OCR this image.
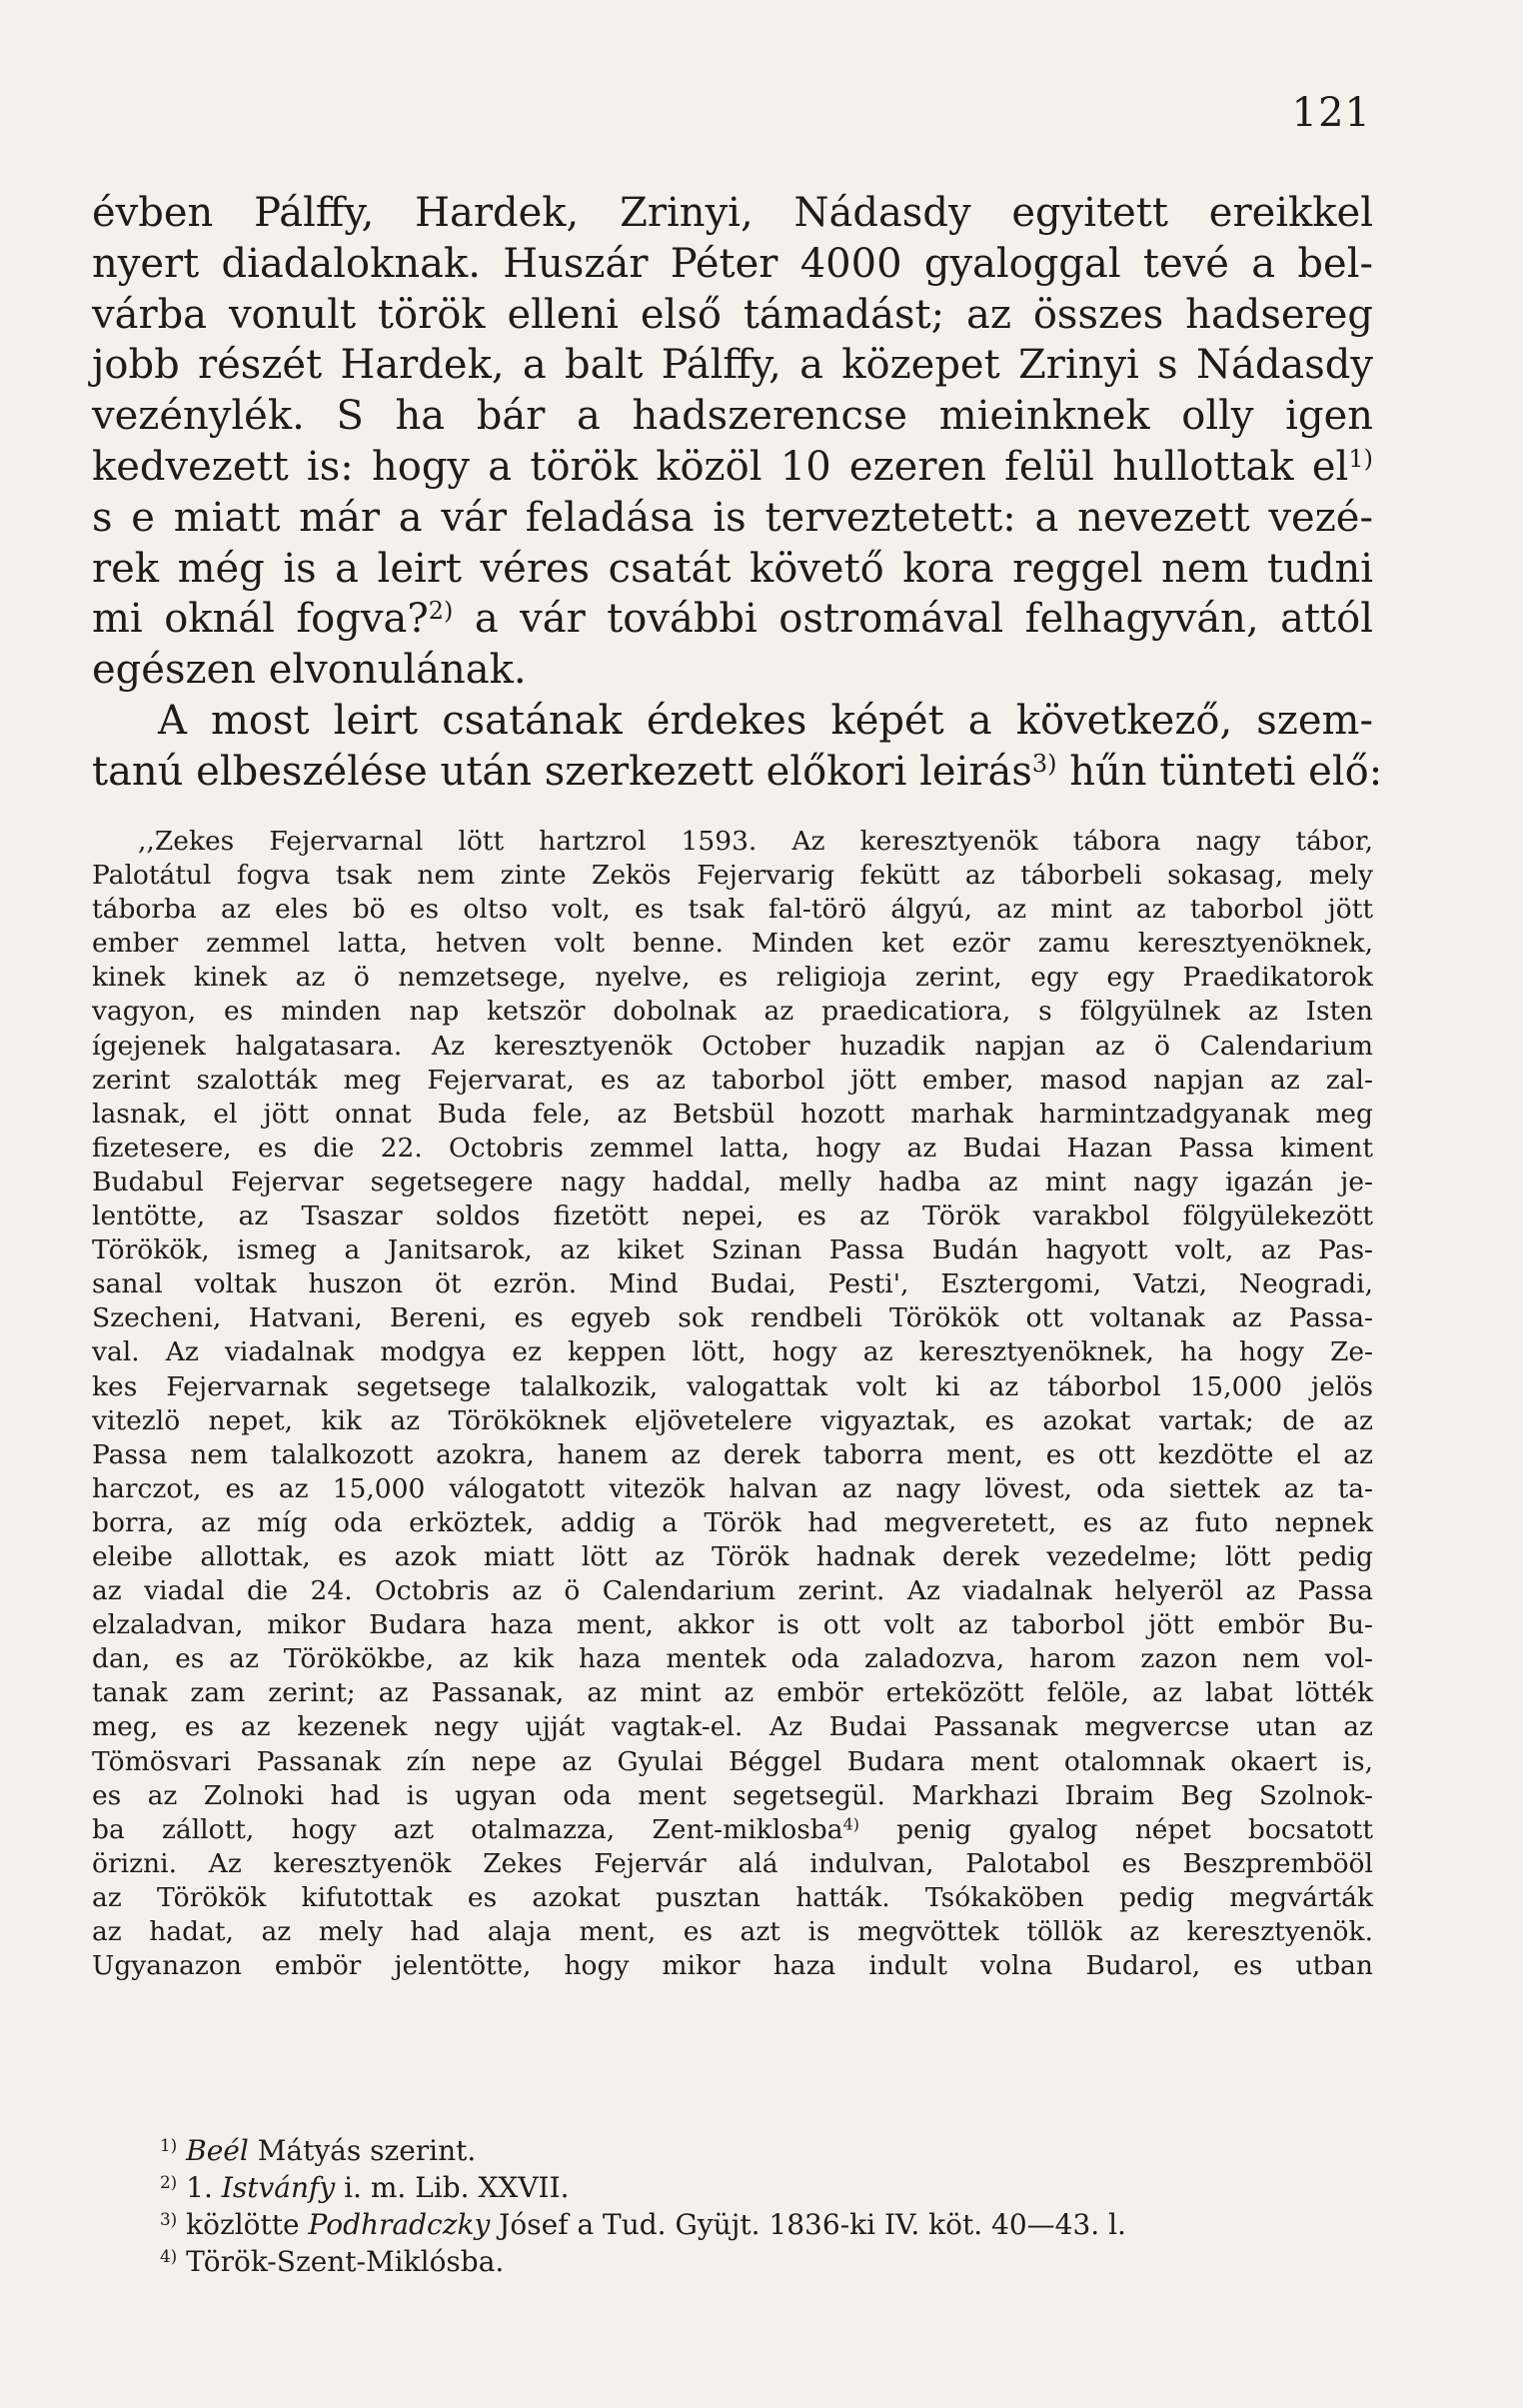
121
évben Pálffy, Hardek, Zrinyi, Nádasdy egyitett ereikkel
nyert diadaloknak. Huszár Péter 4000 gyaloggal tevé a bel-
várba vonult török elleni első támadást; az összes hadsereg
jobb részét Hardek, a balt Pálffy, a közepet Zrinyi s Nádasdy
vezénylék. S ha bár a hadszerencse mieinknek olly igen
kedvezett is: hogy a török közöl 10 ezeren felül hullottak $el^{1)}$
s e miatt már a vár feladása is terveztetett: a nevezett vezé-
rek még is a leirt véres csatát követő kora reggel nem tudni
mi oknál fogva?$^{2)}$ a vár további ostromával felhagyván, attól
egészen elvonulának.
A most leirt csatának érdekes képét a következő, szem-
tanú elbeszélése után szerkezett előkori leirás$^{3)}$ hűn tünteti elő:
,,Zekes Fejervarnal lött hartzrol 1593. Az keresztyenök tábora nagy tábor,
Palotátul fogva tsak nem zinte Zekös Fejervarig fekütt az táborbeli sokasag, mely
táborba az eles bö es oltso volt, es tsak fal-törö álgyú, az mint az taborbol jött
ember zemmel latta, hetven volt benne. Minden ket ezör zamu keresztyenöknek,
kinek kinek az ö nemzetsege, nyelve, es religioja zerint, egy egy Praedikatorok
vagyon, es minden nap ketször dobolnak az praedicatiora, s fölgyülnek az Isten
ígejenek halgatasara. Az keresztyenök October huzadik napjan az ö Calendarium
zerint szalották meg Fejervarat, es az taborbol jött ember, masod napjan az zal-
lasnak, el jött onnat Buda fele, az Betsbül hozott marhak harmintzadgyanak meg
fizetesere, es die 22. Octobris zemmel latta, hogy az Budai Hazan Passa kiment
Budabul Fejervar segetsegere nagy haddal, melly hadba az mint nagy igazán je-
lentötte, az Tsaszar soldos fizetött nepei, es az Török varakbol fölgyülekezött
Törökök, ismeg a Janitsarok, az kiket Szinan Passa Budán hagyott volt, az Pas-
sanal voltak huszon öt ezrön. Mind Budai, Pesti', Esztergomi, Vatzi, Neogradi,
Szecheni, Hatvani, Bereni, es egyeb sok rendbeli Törökök ott voltanak az Passa-
val. Az viadalnak modgya ez keppen lött, hogy az keresztyenöknek, ha hogy Ze-
kes Fejervarnak segetsege talalkozik, valogattak volt ki az táborbol 15,000 jelös
vitezlö nepet, kik az Törököknek eljövetelere vigyaztak, es azokat vartak; de az
Passa nem talalkozott azokra, hanem az derek taborra ment, es ott kezdötte el az
harczot, es az 15,000 válogatott vitezök halvan az nagy lövest, oda siettek az ta-
borra, az míg oda erköztek, addig a Török had megveretett, es az futo nepnek
eleibe allottak, es azok miatt lött az Török hadnak derek vezedelme; lött pedig
az viadal die 24. Octobris az ö Calendarium zerint. Az viadalnak helyeröl az Passa
elzaladvan, mikor Budara haza ment, akkor is ott volt az taborbol jött embör Bu-
dan, es az Törökökbe, az kik haza mentek oda zaladozva, harom zazon nem vol-
tanak zam zerint; az Passanak, az mint az embör erteközött felöle, az labat lötték
meg, es az kezenek negy ujját vagtak-el. Az Budai Passanak megvercse utan az
Tömösvari Passanak zín nepe az Gyulai Béggel Budara ment otalomnak okaert is,
es az Zolnoki had is ugyan oda ment segetsegül. Markhazi Ibraim Beg Szolnok-
ba zállott, hogy azt otalmazza, Zent-miklosba$^{4)}$ penig gyalog népet bocsatott
örizni. Az keresztyenök Zekes Fejervár alá indulvan, Palotabol es Beszprembööl
az Törökök kifutottak es azokat pusztan hatták. Tsókaköben pedig megvárták
az hadat, az mely had alaja ment, es azt is megvöttek töllök az keresztyenök.
Ugyanazon embör jelentötte, hogy mikor haza indult volna Budarol, es utban
$^{1)}$ Beél Mátyás szerint.
$^{2)}$ 1. Istvánfy i. m. Lib. XXVII.
$^{3)}$ közlötte Podhradczky Jósef a Tud. Gyüjt. 1836-ki IV. köt. 40—43. l.
$^{4)}$ Török-Szent-Miklósba.
